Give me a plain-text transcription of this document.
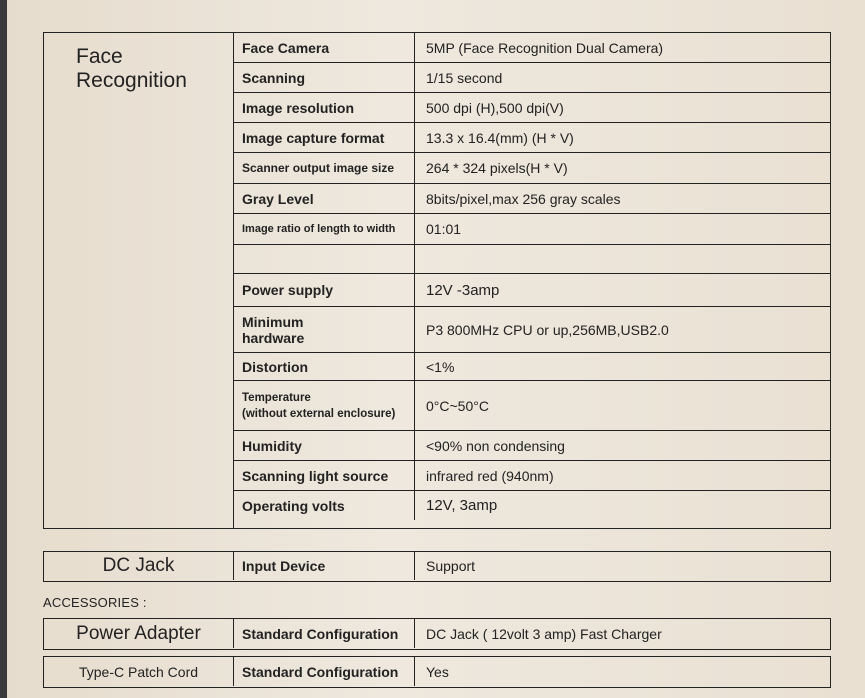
Face
Recognition
Face Camera	5MP (Face Recognition Dual Camera)
Scanning	1/15 second
Image resolution	500 dpi (H),500 dpi(V)
Image capture format	13.3 x 16.4(mm) (H * V)
Scanner output image size	264 * 324 pixels(H * V)
Gray Level	8bits/pixel,max 256 gray scales
Image ratio of length to width	01:01
Power supply	12V -3amp
Minimum
hardware	P3 800MHz CPU or up,256MB,USB2.0
Distortion	<1%
Temperature
(without external enclosure)	0°C~50°C
Humidity	<90% non condensing
Scanning light source	infrared red (940nm)
Operating volts	12V, 3amp
DC Jack	Input Device	Support
ACCESSORIES :
Power Adapter	Standard Configuration	DC Jack ( 12volt 3 amp) Fast Charger
Type-C Patch Cord	Standard Configuration	Yes
